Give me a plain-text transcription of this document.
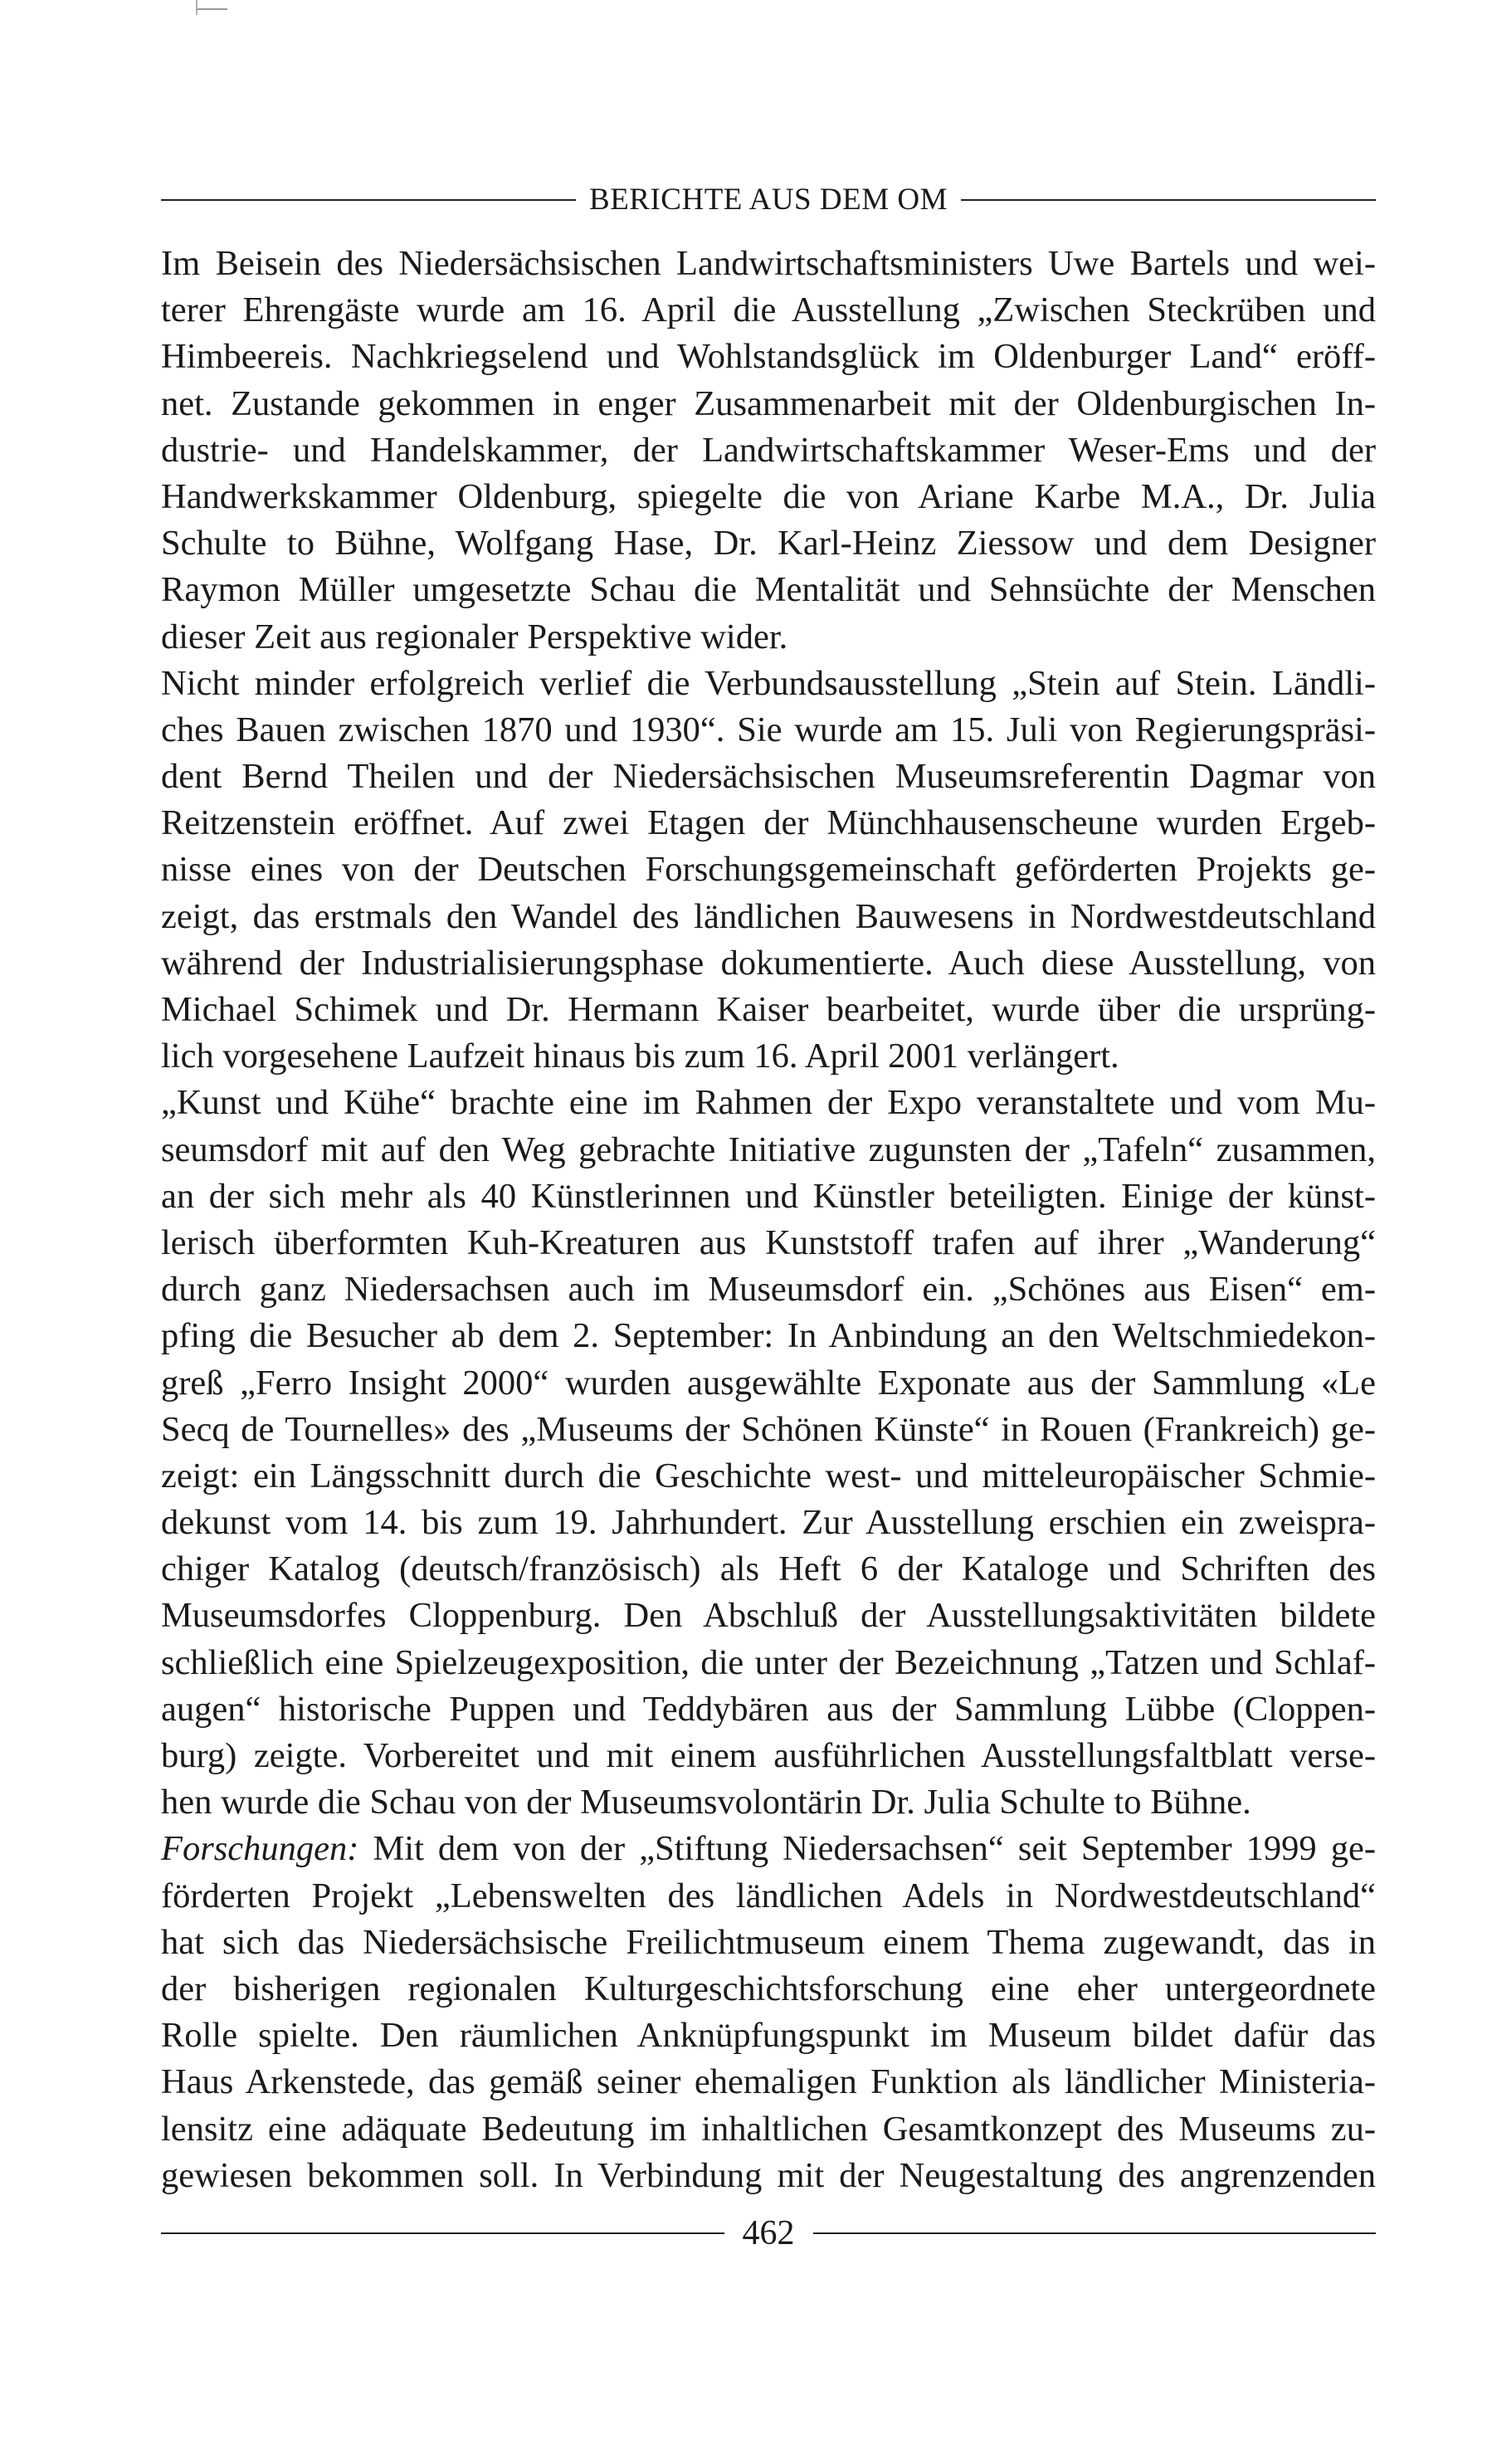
BERICHTE AUS DEM OM
Im Beisein des Niedersächsischen Landwirtschaftsministers Uwe Bartels und wei-
terer Ehrengäste wurde am 16. April die Ausstellung „Zwischen Steckrüben und
Himbeereis. Nachkriegselend und Wohlstandsglück im Oldenburger Land“ eröff-
net. Zustande gekommen in enger Zusammenarbeit mit der Oldenburgischen In-
dustrie- und Handelskammer, der Landwirtschaftskammer Weser-Ems und der
Handwerkskammer Oldenburg, spiegelte die von Ariane Karbe M.A., Dr. Julia
Schulte to Bühne, Wolfgang Hase, Dr. Karl-Heinz Ziessow und dem Designer
Raymon Müller umgesetzte Schau die Mentalität und Sehnsüchte der Menschen
dieser Zeit aus regionaler Perspektive wider.
Nicht minder erfolgreich verlief die Verbundsausstellung „Stein auf Stein. Ländli-
ches Bauen zwischen 1870 und 1930“. Sie wurde am 15. Juli von Regierungspräsi-
dent Bernd Theilen und der Niedersächsischen Museumsreferentin Dagmar von
Reitzenstein eröffnet. Auf zwei Etagen der Münchhausenscheune wurden Ergeb-
nisse eines von der Deutschen Forschungsgemeinschaft geförderten Projekts ge-
zeigt, das erstmals den Wandel des ländlichen Bauwesens in Nordwestdeutschland
während der Industrialisierungsphase dokumentierte. Auch diese Ausstellung, von
Michael Schimek und Dr. Hermann Kaiser bearbeitet, wurde über die ursprüng-
lich vorgesehene Laufzeit hinaus bis zum 16. April 2001 verlängert.
„Kunst und Kühe“ brachte eine im Rahmen der Expo veranstaltete und vom Mu-
seumsdorf mit auf den Weg gebrachte Initiative zugunsten der „Tafeln“ zusammen,
an der sich mehr als 40 Künstlerinnen und Künstler beteiligten. Einige der künst-
lerisch überformten Kuh-Kreaturen aus Kunststoff trafen auf ihrer „Wanderung“
durch ganz Niedersachsen auch im Museumsdorf ein. „Schönes aus Eisen“ em-
pfing die Besucher ab dem 2. September: In Anbindung an den Weltschmiedekon-
greß „Ferro Insight 2000“ wurden ausgewählte Exponate aus der Sammlung «Le
Secq de Tournelles» des „Museums der Schönen Künste“ in Rouen (Frankreich) ge-
zeigt: ein Längsschnitt durch die Geschichte west- und mitteleuropäischer Schmie-
dekunst vom 14. bis zum 19. Jahrhundert. Zur Ausstellung erschien ein zweispra-
chiger Katalog (deutsch/französisch) als Heft 6 der Kataloge und Schriften des
Museumsdorfes Cloppenburg. Den Abschluß der Ausstellungsaktivitäten bildete
schließlich eine Spielzeugexposition, die unter der Bezeichnung „Tatzen und Schlaf-
augen“ historische Puppen und Teddybären aus der Sammlung Lübbe (Cloppen-
burg) zeigte. Vorbereitet und mit einem ausführlichen Ausstellungsfaltblatt verse-
hen wurde die Schau von der Museumsvolontärin Dr. Julia Schulte to Bühne.
Forschungen: Mit dem von der „Stiftung Niedersachsen“ seit September 1999 ge-
förderten Projekt „Lebenswelten des ländlichen Adels in Nordwestdeutschland“
hat sich das Niedersächsische Freilichtmuseum einem Thema zugewandt, das in
der bisherigen regionalen Kulturgeschichtsforschung eine eher untergeordnete
Rolle spielte. Den räumlichen Anknüpfungspunkt im Museum bildet dafür das
Haus Arkenstede, das gemäß seiner ehemaligen Funktion als ländlicher Ministeria-
lensitz eine adäquate Bedeutung im inhaltlichen Gesamtkonzept des Museums zu-
gewiesen bekommen soll. In Verbindung mit der Neugestaltung des angrenzenden
462
